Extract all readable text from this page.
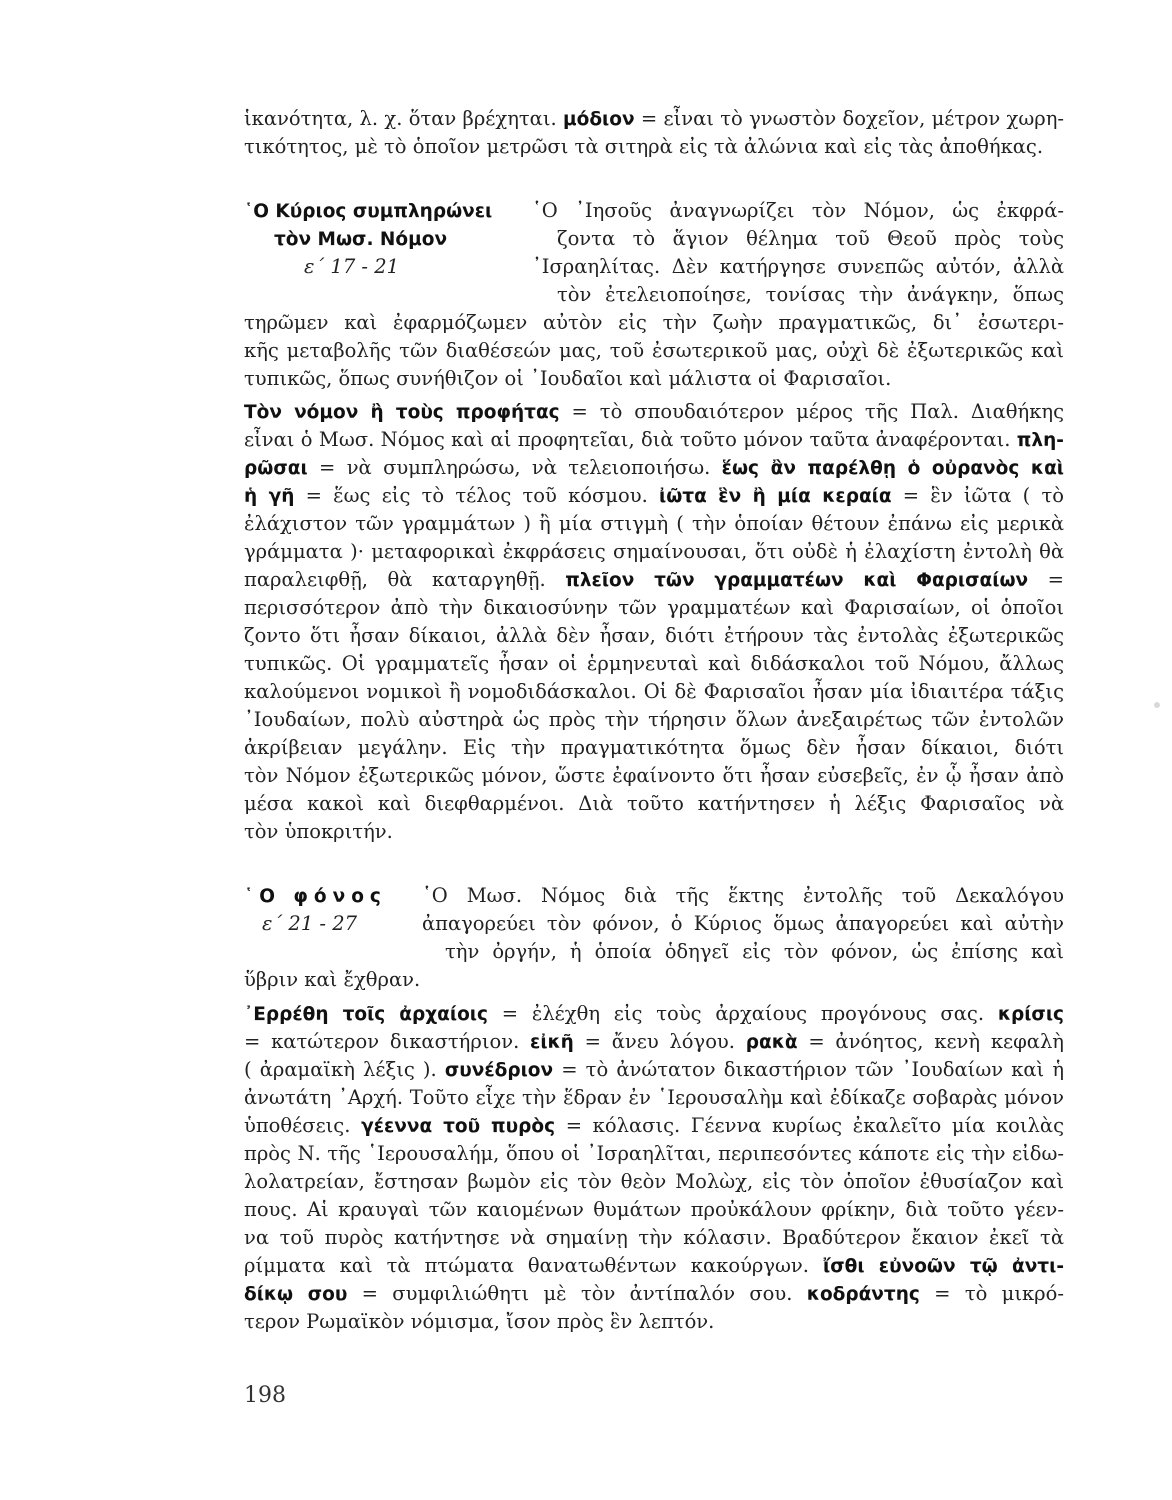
198
ἱκανότητα, λ. χ. ὅταν βρέχηται. μόδιον = εἶναι τὸ γνωστὸν δοχεῖον, μέτρον χωρη-
τικότητος, μὲ τὸ ὁποῖον μετρῶσι τὰ σιτηρὰ εἰς τὰ ἀλώνια καὶ εἰς τὰς ἀποθήκας.
῾Ο Κύριος συμπληρώνει	῾Ο ᾿Ιησοῦς ἀναγνωρίζει τὸν Νόμον, ὡς ἐκφρά-
τὸν Μωσ. Νόμον	ζοντα τὸ ἅγιον θέλημα τοῦ Θεοῦ πρὸς τοὺς
ε΄ 17 - 21	᾿Ισραηλίτας. Δὲν κατήργησε συνεπῶς αὐτόν, ἀλλὰ
τὸν ἐτελειοποίησε, τονίσας τὴν ἀνάγκην, ὅπως
τηρῶμεν καὶ ἐφαρμόζωμεν αὐτὸν εἰς τὴν ζωὴν πραγματικῶς, δι᾿ ἐσωτερι-
κῆς μεταβολῆς τῶν διαθέσεών μας, τοῦ ἐσωτερικοῦ μας, οὐχὶ δὲ ἐξωτερικῶς καὶ
τυπικῶς, ὅπως συνήθιζον οἱ ᾿Ιουδαῖοι καὶ μάλιστα οἱ Φαρισαῖοι.
Τὸν νόμον ἢ τοὺς προφήτας = τὸ σπουδαιότερον μέρος τῆς Παλ. Διαθήκης
εἶναι ὁ Μωσ. Νόμος καὶ αἱ προφητεῖαι, διὰ τοῦτο μόνον ταῦτα ἀναφέρονται. πλη-
ρῶσαι = νὰ συμπληρώσω, νὰ τελειοποιήσω. ἕως ἂν παρέλθῃ ὁ οὐρανὸς καὶ
ἡ γῆ = ἕως εἰς τὸ τέλος τοῦ κόσμου. ἰῶτα ἓν ἢ μία κεραία = ἓν ἰῶτα ( τὸ
ἐλάχιστον τῶν γραμμάτων ) ἢ μία στιγμὴ ( τὴν ὁποίαν θέτουν ἐπάνω εἰς μερικὰ
γράμματα )· μεταφορικαὶ ἐκφράσεις σημαίνουσαι, ὅτι οὐδὲ ἡ ἐλαχίστη ἐντολὴ θὰ
παραλειφθῇ, θὰ καταργηθῇ. πλεῖον τῶν γραμματέων καὶ Φαρισαίων =
περισσότερον ἀπὸ τὴν δικαιοσύνην τῶν γραμματέων καὶ Φαρισαίων, οἱ ὁποῖοι
ζοντο ὅτι ἦσαν δίκαιοι, ἀλλὰ δὲν ἦσαν, διότι ἐτήρουν τὰς ἐντολὰς ἐξωτερικῶς
τυπικῶς. Οἱ γραμματεῖς ἦσαν οἱ ἑρμηνευταὶ καὶ διδάσκαλοι τοῦ Νόμου, ἄλλως
καλούμενοι νομικοὶ ἢ νομοδιδάσκαλοι. Οἱ δὲ Φαρισαῖοι ἦσαν μία ἰδιαιτέρα τάξις
᾿Ιουδαίων, πολὺ αὐστηρὰ ὡς πρὸς τὴν τήρησιν ὅλων ἀνεξαιρέτως τῶν ἐντολῶν
ἀκρίβειαν μεγάλην. Εἰς τὴν πραγματικότητα ὅμως δὲν ἦσαν δίκαιοι, διότι
τὸν Νόμον ἐξωτερικῶς μόνον, ὥστε ἐφαίνοντο ὅτι ἦσαν εὐσεβεῖς, ἐν ᾧ ἦσαν ἀπὸ
μέσα κακοὶ καὶ διεφθαρμένοι. Διὰ τοῦτο κατήντησεν ἡ λέξις Φαρισαῖος νὰ
τὸν ὑποκριτήν.
῾Ο φόνος	῾Ο Μωσ. Νόμος διὰ τῆς ἕκτης ἐντολῆς τοῦ Δεκαλόγου
ε΄ 21 - 27	ἀπαγορεύει τὸν φόνον, ὁ Κύριος ὅμως ἀπαγορεύει καὶ αὐτὴν
τὴν ὀργήν, ἡ ὁποία ὁδηγεῖ εἰς τὸν φόνον, ὡς ἐπίσης καὶ
ὕβριν καὶ ἔχθραν.
᾿Ερρέθη τοῖς ἀρχαίοις = ἐλέχθη εἰς τοὺς ἀρχαίους προγόνους σας. κρίσις
= κατώτερον δικαστήριον. εἰκῆ = ἄνευ λόγου. ρακὰ = ἀνόητος, κενὴ κεφαλὴ
( ἀραμαϊκὴ λέξις ). συνέδριον = τὸ ἀνώτατον δικαστήριον τῶν ᾿Ιουδαίων καὶ ἡ
ἀνωτάτη ᾿Αρχή. Τοῦτο εἶχε τὴν ἕδραν ἐν ῾Ιερουσαλὴμ καὶ ἐδίκαζε σοβαρὰς μόνον
ὑποθέσεις. γέεννα τοῦ πυρὸς = κόλασις. Γέεννα κυρίως ἐκαλεῖτο μία κοιλὰς
πρὸς Ν. τῆς ῾Ιερουσαλήμ, ὅπου οἱ ᾿Ισραηλῖται, περιπεσόντες κάποτε εἰς τὴν εἰδω-
λολατρείαν, ἔστησαν βωμὸν εἰς τὸν θεὸν Μολὼχ, εἰς τὸν ὁποῖον ἐθυσίαζον καὶ
πους. Αἱ κραυγαὶ τῶν καιομένων θυμάτων προὐκάλουν φρίκην, διὰ τοῦτο γέεν-
να τοῦ πυρὸς κατήντησε νὰ σημαίνῃ τὴν κόλασιν. Βραδύτερον ἔκαιον ἐκεῖ τὰ
ρίμματα καὶ τὰ πτώματα θανατωθέντων κακούργων. ἴσθι εὐνοῶν τῷ ἀντι-
δίκῳ σου = συμφιλιώθητι μὲ τὸν ἀντίπαλόν σου. κοδράντης = τὸ μικρό-
τερον Ρωμαϊκὸν νόμισμα, ἴσον πρὸς ἓν λεπτόν.
